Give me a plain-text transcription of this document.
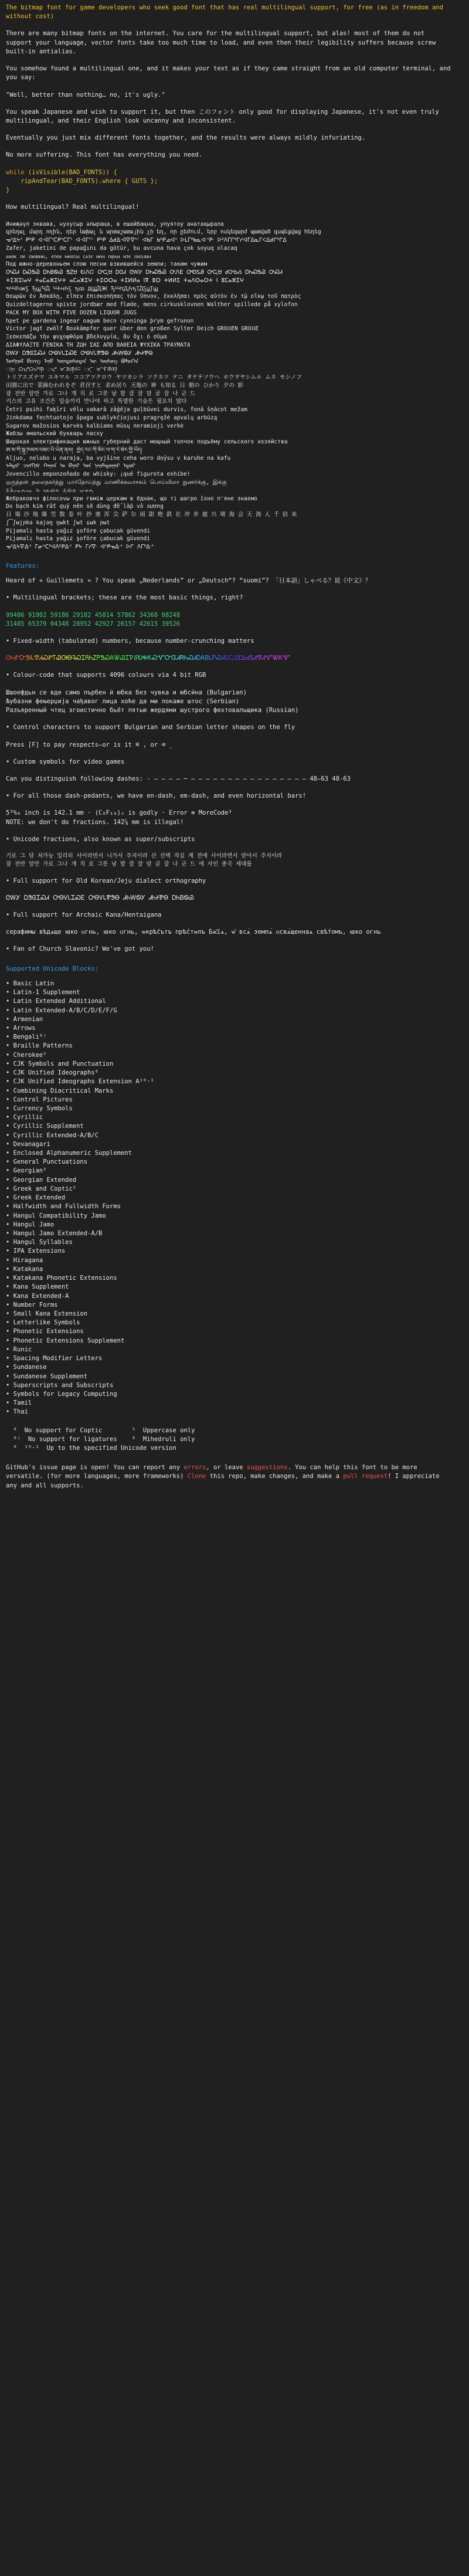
The bitmap font for game developers who seek good font that has real multilingual support, for free (as in freedom and without cost)

There are many bitmap fonts on the internet. You care for the multilingual support, but alas! most of them do not support your language, vector fonts take too much time to load, and even then their legibility suffers because screw built-in antialias.

You somehow found a multilingual one, and it makes your text as if they came straight from an old computer terminal, and you say:

"Well, better than nothing… no, it's ugly."

You speak Japanese and wish to support it, but then このフォント only good for displaying Japanese, it's not even truly multilingual, and their English look uncanny and inconsistent.

Eventually you just mix different fonts together, and the results were always mildly infuriating.

No more suffering. This font has everything you need.

while (isVisible(BAD_FONTS)) {
ripAndTear(BAD_FONTS).where { GUTS };
}

How multilingual? Real multilingual!

Иниҗәүл эквава, нухусыр әлыраңа, в ешайбаңна, упуятоу анатақырала
գրեղալ մարդ ոդին, դեր նախալ և արտաշատային չի եղ, որ ըեժում, երբ ոսկեզարժ պատված զսպեցվաց հեղեց
ᓀᐦᐃᔭᐤ ᑭᐦᑭ ᐊᐧᐋᒥᐢᑕᑭᐢᑕᒥᐣ ᐊᐧᐋᒥᐢᐠ ᑭᐦᑭ ᐃᑯᐃᐧᐋᐍᐁᐢᐟ ᐊᑲᒥ ᑲᐦᑭᓄᐊᐣ ᐅᒪᒥᐦᑲᓇᐘᐢᑭᐧ ᐅᐦᐱᒥᒋᐦᒋᓯᐊᒥᐃᓇᒥᐸᐃᑯᒋᐦᒋᐃ
Zafer, jaketini de papağını da götür, bu avcuna hava çok soyuq olacaq
ⲁⲛⲟⲕ ⲡⲉ ⲡⲓⲉⲃⲓⲏⲛ, ⲉⲧⲉⲛ ⲙⲉⲛⲧⲁⲓ ⲥⲁⲧⲉ ⲛⲉⲙ ⲡⲓⲣⲁⲛ ⲛⲧⲉ ⲡⲓⲟⲩⲱⲙ
Под южно-деревоньем спою песни взвившейся земли; таким чужим
ᎤᏍᏗ ᎠᏍᎦᏯ ᎠᏂᏴᏫᏯ ᎦᏃᏌ ᎧᏁᏨ ᎤᏩᏌ ᎠᏣᏗ ᏣᎳᎩ ᎠᏂᏍᎦᏯ ᎤᏁᎬ ᎤᏬᏚᎯ ᎤᏩᏌ ᏧᏅᏏᏱ ᎠᏂᏍᎦᏯ ᎤᏍᏗ
ⵜⵉⴼⵉⵏⴰⵖ ⵜⴰⵎⴰⵣⵉⵖⵜ ⴰⵎⴰⵣⵉⵖ ⵜⵉⵔⵔⴰ ⵜⵉⵍⵍⴰ ⵏⴳ ⵓⵔ ⵜⵍⵍⵉ ⵜⴰⴷⵔⴰⵔⵜ ⵏ ⵓⵎⴰⵣⵉⵖ
ꚓꚆꚔꚅꚂ ꚊꚗꚒꚀ ꚆꚇꚔꚂ ꚋꚙ ꚁꚖꚀꚄ ꚊꚆꚍꚈꚔꚋꚌꚀꚂꚏꚐꚗ
Θεωρῶν ἐν Ἀσκάλῃ, εἶπεν ἐπισκοπήσας τὸν ὕπνον, ἐκκλῆσαι πρὸς αὐτὸν ἐν τῷ οἴκῳ τοῦ πατρὸς
Quizdeltagerne spiste jordbær med fløde, mens cirkusklovnen Walther spillede på xylofon
PACK MY BOX WITH FIVE DOZEN LIQUOR JUGS
hpet pe gardena ingear oagum becn cynninga þrym gefrunon
Victor jagt zwölf Boxkämpfer quer über den großen Sylter Deich GROẞEN GROẞE
Ξεσκεπάζω τὴν ψυχοφθόρα βδελυγμία, ἄν ὄχι ὁ σῦμα
ΔΙΑΦΥΛΑΞΤΕ ΓΕΝΙΚΑ ΤΗ ΖΩΗ ΣΑΣ ΑΠΟ ΒΑΘΕΙΑ ΨΥΧΙΚΑ ΤΡΑΥΜΑΤΑ
ᏣᎳᎩ ᎠᏕᎶᏆᏍᏗ ᎤᎾᏙᏓᏆᏍᎬ ᎤᎾᏙᏓᏈᏕᎾ ᏗᏂᎳᏫᎩ ᏗᏂᏐᏈᎾ
ᠮᠣᠩᠭᠣᠯ ᠪᠢᠴᠢᠭ ᠮᠠᠨᠤ ᠦᠨᠳᠦᠰᠦᠲᠡᠨ ᠦ ᠦᠰᠦᠭ ᠪᠤᠯᠤᠨ᠎ᠠ
ᜀᜅ᜔ ᜊᜌ᜔ᜊᜌᜒᜈ᜔ ᜀᜌ᜔ ᜋᜄᜈ᜔ᜇ ᜀᜆ᜔ ᜋᜎᜒᜈᜒᜐ᜔
トリアエズナマ ユキマル ココアツクロウ ヤツカシラ ソクネツ ケニ タケテソウヘ ホウヲヤシムル ムネ モシノフ
田園に出で 菜摘むわれをぞ 君召すと 求め居り 天地の 神 も知る 日 朝の ひかり 夕の 影
잠 전반 앞만 가로 그나 걔 직 로 그릇 남 발 잘 잘 맘 굴 잘 나 군 드
키스의 고유 조건은 입술끼리 만나야 하고 특별한 기술은 필요치 않다
Četri psihi faķīri vēlu vakarā zāģēja guļbūvei durvis, fonā šņācot mežam
Jinkdama fechtuotojo špaga sublykčiojusi pragręžė apvalų arbūzą
Sugarov mažosios karvės kalbiams mūsų neramioji verkė
Жабзы ямальский букварь пасху
Широкая электрификация южных губерний даст мощный толчок подъёму сельского хозяйства
ཨ་མ་གི་སྐུ་ཁམས་བཟང་པོ་ཡིན་ནམ། ཁྱེད་རང་གི་མིང་ལ་ག་རེ་ཟེར་གྱི་ཡོད།
Aljuo, nelobo u naraja, ba vyjšine ceha woro doÿsu v karuhe na kafu
ᠠᠯᠳᠠᠷ ᠴᠢᠩᠭᠢᠰ ᠬᠠᠭᠠᠨ ᠤ ᠪᠠᠶᠠᠷ ᠤᠨ ᠨᠠᠢᠮᠠᠳᠤᠭᠠᠷ ᠡᠳᠦᠷ
Jovencillo emponzoñado de whisky: ¡qué figurota exhibe!
ஒருத்தன் தலைநகர்த்து மார்தோய்ந்து மாணிக்கவாசகம் பொய்யிலா நுணர்க்கு, இக்கு
ᨅᨗᨊᨛᨕᨈᨕ ᨑᨗ ᨊᨙᨁᨑ ᨅᨘᨁᨗᨔ ᨆᨀᨈᨘ
Жебраковчэ філосоvы при гвміж церкам в ёднак, що ті шагро їхно п'яне знаємо
Do bạch kim rất quý nên sẽ dùng để lắp vô xương
日 場 沙 地 爆 雪 散 卷 叶 抄 塞 浑 尖 萨 尔 雨 甜 绝 鉄 在 冲 乡 鹿 兴 堵 海 会 天 海 人 千 倍 来
ʃ͡ʃʉjɲkə kajəŋ ŋʉkt ʃʉt ɕʉk ɲʉt
Pijamalı hasta yağız şoföre çabucak güvendi
Pijamalı hasta yağız şoföre çabucak güvendi
ᓀᐦᐃᔭᐍᐏᐣ ᒥᓂᐢᑕᐦᐊᐱᐦᑭᐏᐣ ᑭᔭ ᒥᓯᐁᐧ ᐊᐢᑭᓀᐃᐧᐣ ᐅᒋ ᐱᒥᐦᐃᐧᐣ
Features:

Heard of « Guillemets » ? You speak „Nederlands” or „Deutsch“? “suomi”? 「日本語」しゃべる？说《中文》？

• Multilingual brackets; these are the most basic things, right?

99486 91902 59186 29182 45814 57862 34368 08248
31485 65379 04348 28952 42927 26157 42615 39526

• Fixed-width (tabulated) numbers, because number-crunching matters

ᏣᏂᎹᏅᏕᎥᏓᏡᏗᏍᏑᎢᏯᎺᎾᎸᏍᏆᏲᏂᏃᏢᏕᏍᎪᏔᏊᏆᏤᎴᎧᎭᏦᏍᏉᏅᏳᏗᏒᏂᏍᏗᎠᎪᏴᏓᏢᏍᏗᏚᏩᏣᏝᏏᏧᏚᏗᏡᏗᏉᏔᏦᏉ

• Colour-code that supports 4096 colours via 4 bit RGB

Шшоефдьн се вде само пърбен ѝ юбка без чувка и юбсйна (Bulgarian)
Љубазни фењерџија чађавог лица хоће да ми покаже штос (Serbian)
Разъяренный чтец эгоистично бьёт пятью жердями шустрого фехтовальщика (Russian)

• Control characters to support Bulgarian and Serbian letter shapes on the fly

Press [F] to pay respects—or is it ⌘ , or ⌫ _

• Custom symbols for video games

Can you distinguish following dashes: ‐ – — ‒ ― − – – – – – – – – – – – – – – – – 48–63 48‑63

• For all those dash-pedants, we have en-dash, em-dash, and even horizontal bars!

5³%₀ inch is 142.1 mm · (C₈F₁₈)ₙ is godly · Error ≡ MoreCode³
NOTE: we don't do fractions. 142⅞ mm is illegal!

• Unicode fractions, also known as super/subscripts

기로 그 닦 처가능 일리히 사이라면서 니가서 주지이라 산 선택 적실 계 전에 사이라면서 받아서 주지이라
잠 전반 앞만 가로 그나 걔 직 로 그릇 남 발 잘 잘 맘 굴 잘 나 군 드 에 사인 종국 세대를

• Full support for Old Korean/Jeju dialect orthography

ᏣᎳᎩ ᎠᏕᎶᏆᏍᏗ ᎤᎾᏙᏓᏆᏍᎬ ᎤᎾᏙᏓᏈᏕᎾ ᏗᏂᎳᏫᎩ ᏗᏂᏐᏈᎾ ᎠᏂᏴᏫᏯ

• Full support for Archaic Kana/Hentaigana

серафимы вѣдѧще ꙗко ѻгнь, ꙗко ѻгнь, ѡкрѣ́сътъ прѣ́стѡлъ Бж҃їѧ, ѡ̆ всѧ̀ землѧ̀ ѻсвѧ́щеннаѧ свѣ́томъ, ꙗко огнь

• Fan of Church Slavonic? We've got you!

Supported Unicode Blocks:
• Basic Latin
• Latin-1 Supplement
• Latin Extended Additional
• Latin Extended-A/B/C/D/E/F/G
• Armenian
• Arrows
• Bengali⁶⁾
• Braille Patterns
• Cherokee⁵
• CJK Symbols and Punctuation
• CJK Unified Ideographs⁶
• CJK Unified Ideographs Extension A¹⁰·¹
• Combining Diacritical Marks
• Control Pictures
• Currency Symbols
• Cyrillic
• Cyrillic Supplement
• Cyrillic Extended-A/B/C
• Devanagari
• Enclosed Alphanumeric Supplement
• General Punctuations
• Georgian⁵
• Georgian Extended
• Greek and Coptic⁵
• Greek Extended
• Halfwidth and Fullwidth Forms
• Hangul Compatibility Jamo
• Hangul Jamo
• Hangul Jamo Extended-A/B
• Hangul Syllables
• IPA Extensions
• Hiragana
• Katakana
• Katakana Phonetic Extensions
• Kana Supplement
• Kana Extended-A
• Number Forms
• Small Kana Extension
• Letterlike Symbols
• Phonetic Extensions
• Phonetic Extensions Supplement
• Runic
• Spacing Modifier Letters
• Sundanese
• Sundanese Supplement
• Superscripts and Subscripts
• Symbols for Legacy Computing
• Tamil
• Thai
⁰  No support for Coptic        ⁵  Uppercase only
⁶⁾  No support for ligatures    ⁶  Mihedruli only
⁶  ¹⁰·¹  Up to the specified Unicode version

GitHub's issue page is open! You can report any errors, or leave suggestions. You can help this font to be more versatile. (for more languages, more frameworks) Clone this repo, make changes, and make a pull request! I appreciate any and all supports.
